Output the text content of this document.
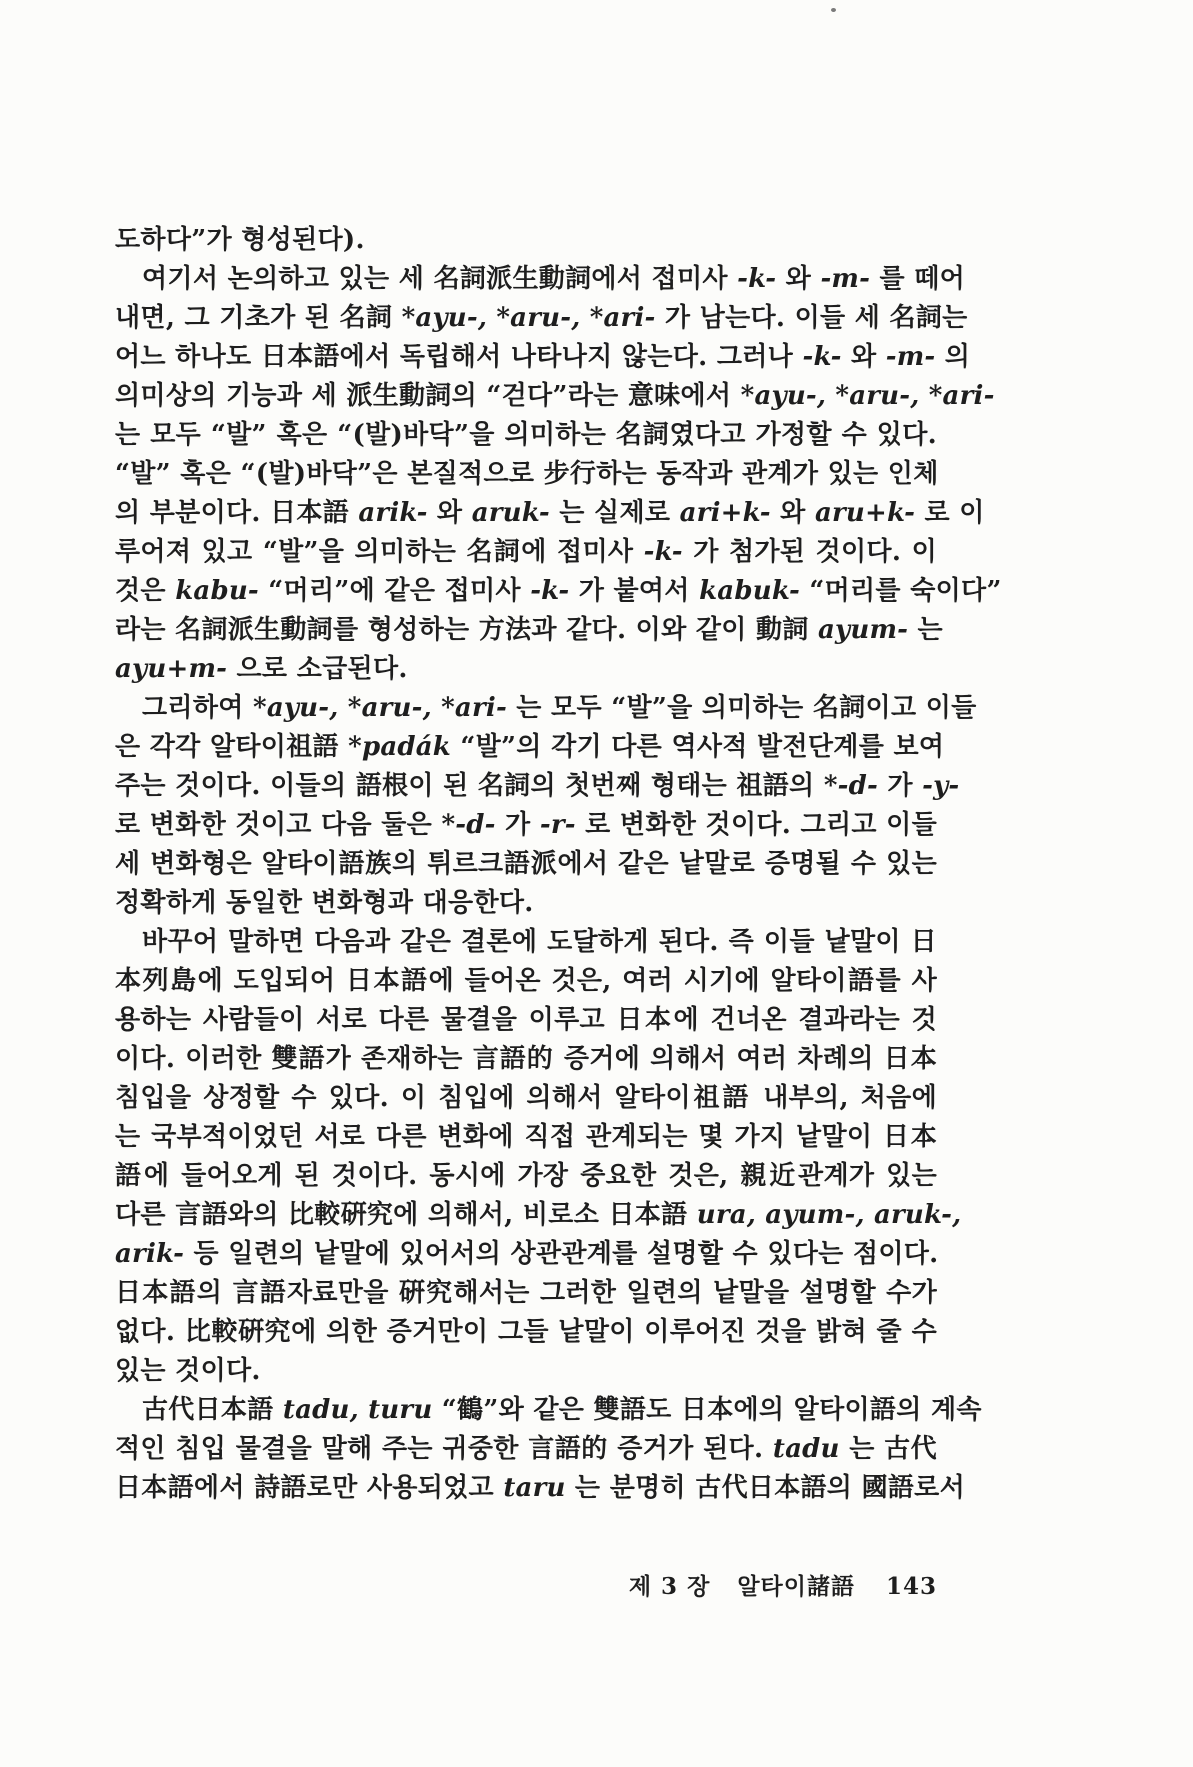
도하다”가 형성된다).
여기서 논의하고 있는 세 名詞派生動詞에서 접미사 -k- 와 -m- 를 떼어
내면, 그 기초가 된 名詞 *ayu-, *aru-, *ari- 가 남는다. 이들 세 名詞는
어느 하나도 日本語에서 독립해서 나타나지 않는다. 그러나 -k- 와 -m- 의
의미상의 기능과 세 派生動詞의 “걷다”라는 意味에서 *ayu-, *aru-, *ari-
는 모두 “발” 혹은 “(발)바닥”을 의미하는 名詞였다고 가정할 수 있다.
“발” 혹은 “(발)바닥”은 본질적으로 步行하는 동작과 관계가 있는 인체
의 부분이다. 日本語 arik- 와 aruk- 는 실제로 ari+k- 와 aru+k- 로 이
루어져 있고 “발”을 의미하는 名詞에 접미사 -k- 가 첨가된 것이다. 이
것은 kabu- “머리”에 같은 접미사 -k- 가 붙여서 kabuk- “머리를 숙이다”
라는 名詞派生動詞를 형성하는 方法과 같다. 이와 같이 動詞 ayum- 는
ayu+m- 으로 소급된다.
그리하여 *ayu-, *aru-, *ari- 는 모두 “발”을 의미하는 名詞이고 이들
은 각각 알타이祖語 *padák “발”의 각기 다른 역사적 발전단계를 보여
주는 것이다. 이들의 語根이 된 名詞의 첫번째 형태는 祖語의 *-d- 가 -y-
로 변화한 것이고 다음 둘은 *-d- 가 -r- 로 변화한 것이다. 그리고 이들
세 변화형은 알타이語族의 튀르크語派에서 같은 낱말로 증명될 수 있는
정확하게 동일한 변화형과 대응한다.
바꾸어 말하면 다음과 같은 결론에 도달하게 된다. 즉 이들 낱말이 日
本列島에 도입되어 日本語에 들어온 것은, 여러 시기에 알타이語를 사
용하는 사람들이 서로 다른 물결을 이루고 日本에 건너온 결과라는 것
이다. 이러한 雙語가 존재하는 言語的 증거에 의해서 여러 차례의 日本
침입을 상정할 수 있다. 이 침입에 의해서 알타이祖語 내부의, 처음에
는 국부적이었던 서로 다른 변화에 직접 관계되는 몇 가지 낱말이 日本
語에 들어오게 된 것이다. 동시에 가장 중요한 것은, 親近관계가 있는
다른 言語와의 比較硏究에 의해서, 비로소 日本語 ura, ayum-, aruk-,
arik- 등 일련의 낱말에 있어서의 상관관계를 설명할 수 있다는 점이다.
日本語의 言語자료만을 硏究해서는 그러한 일련의 낱말을 설명할 수가
없다. 比較硏究에 의한 증거만이 그들 낱말이 이루어진 것을 밝혀 줄 수
있는 것이다.
古代日本語 tadu, turu “鶴”와 같은 雙語도 日本에의 알타이語의 계속
적인 침입 물결을 말해 주는 귀중한 言語的 증거가 된다. tadu 는 古代
日本語에서 詩語로만 사용되었고 taru 는 분명히 古代日本語의 國語로서
제 3 장 알타이諸語 143
